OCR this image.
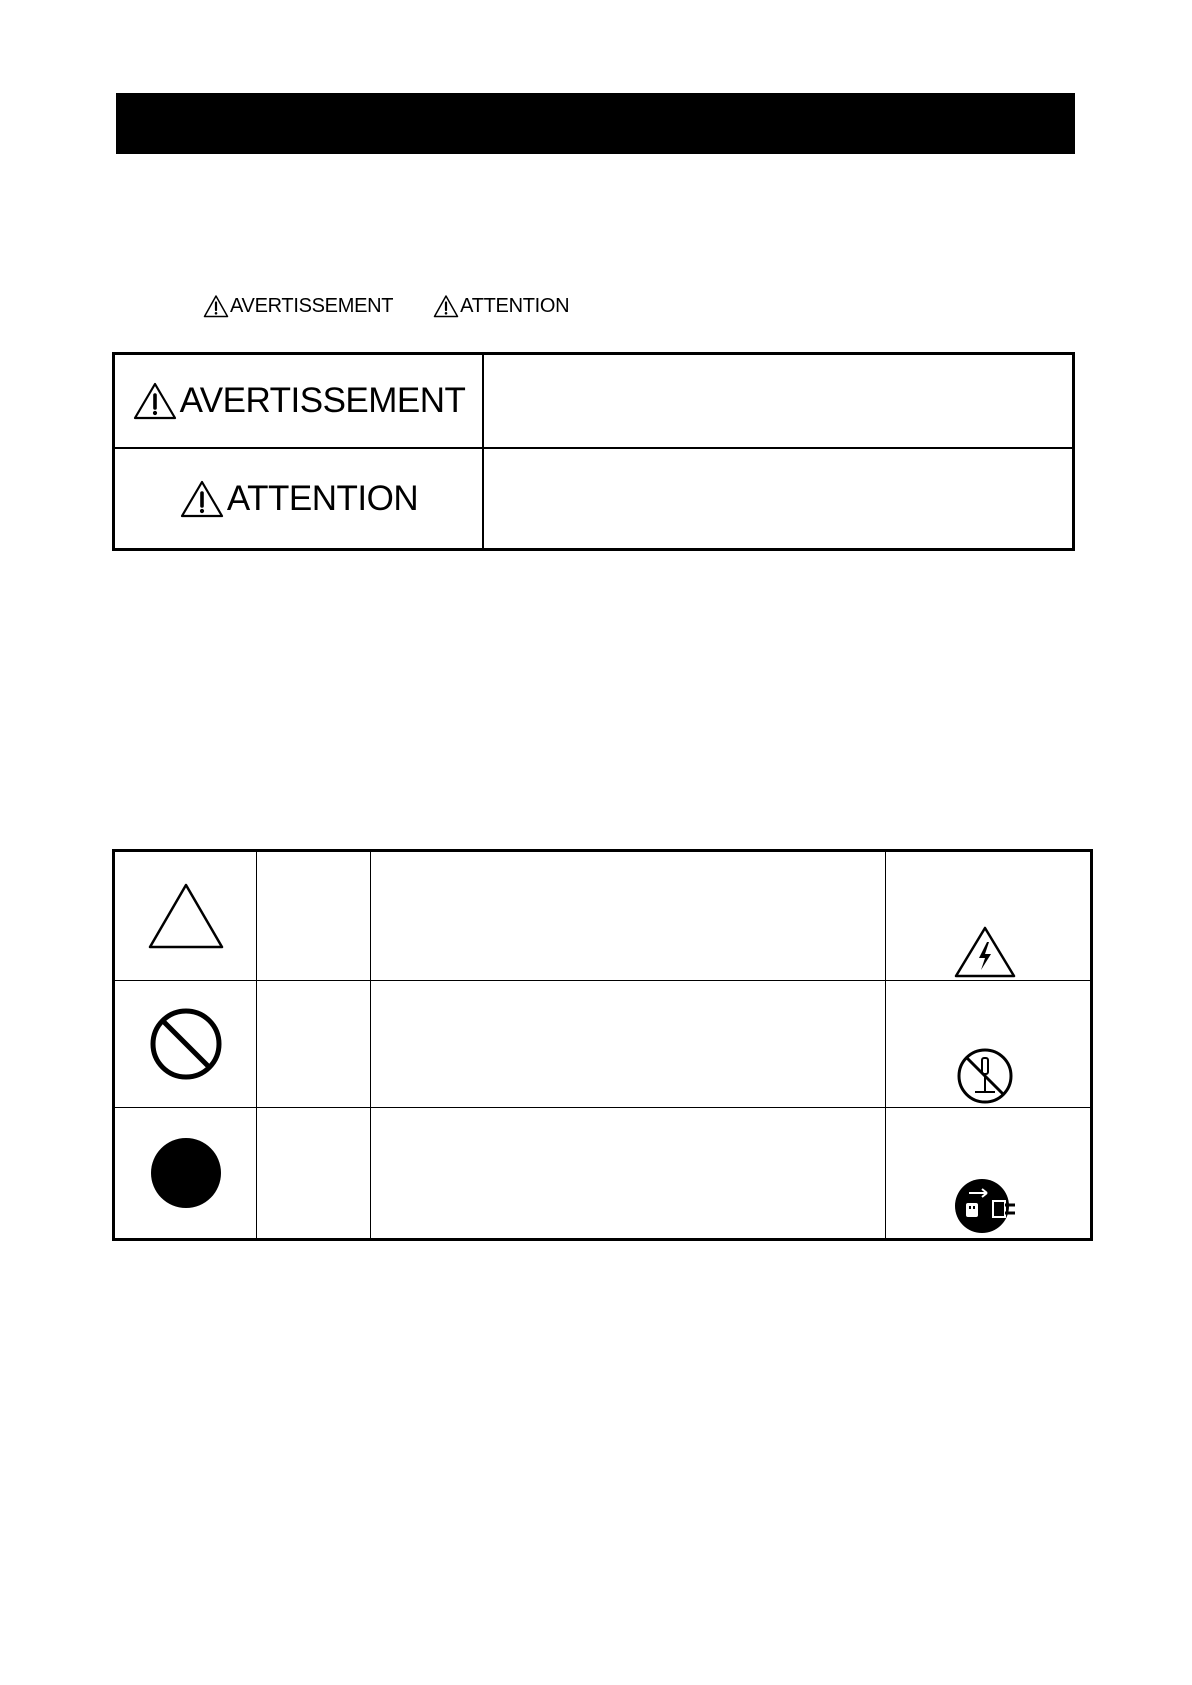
AVERTISSEMENT	ATTENTION
AVERTISSEMENT
ATTENTION
